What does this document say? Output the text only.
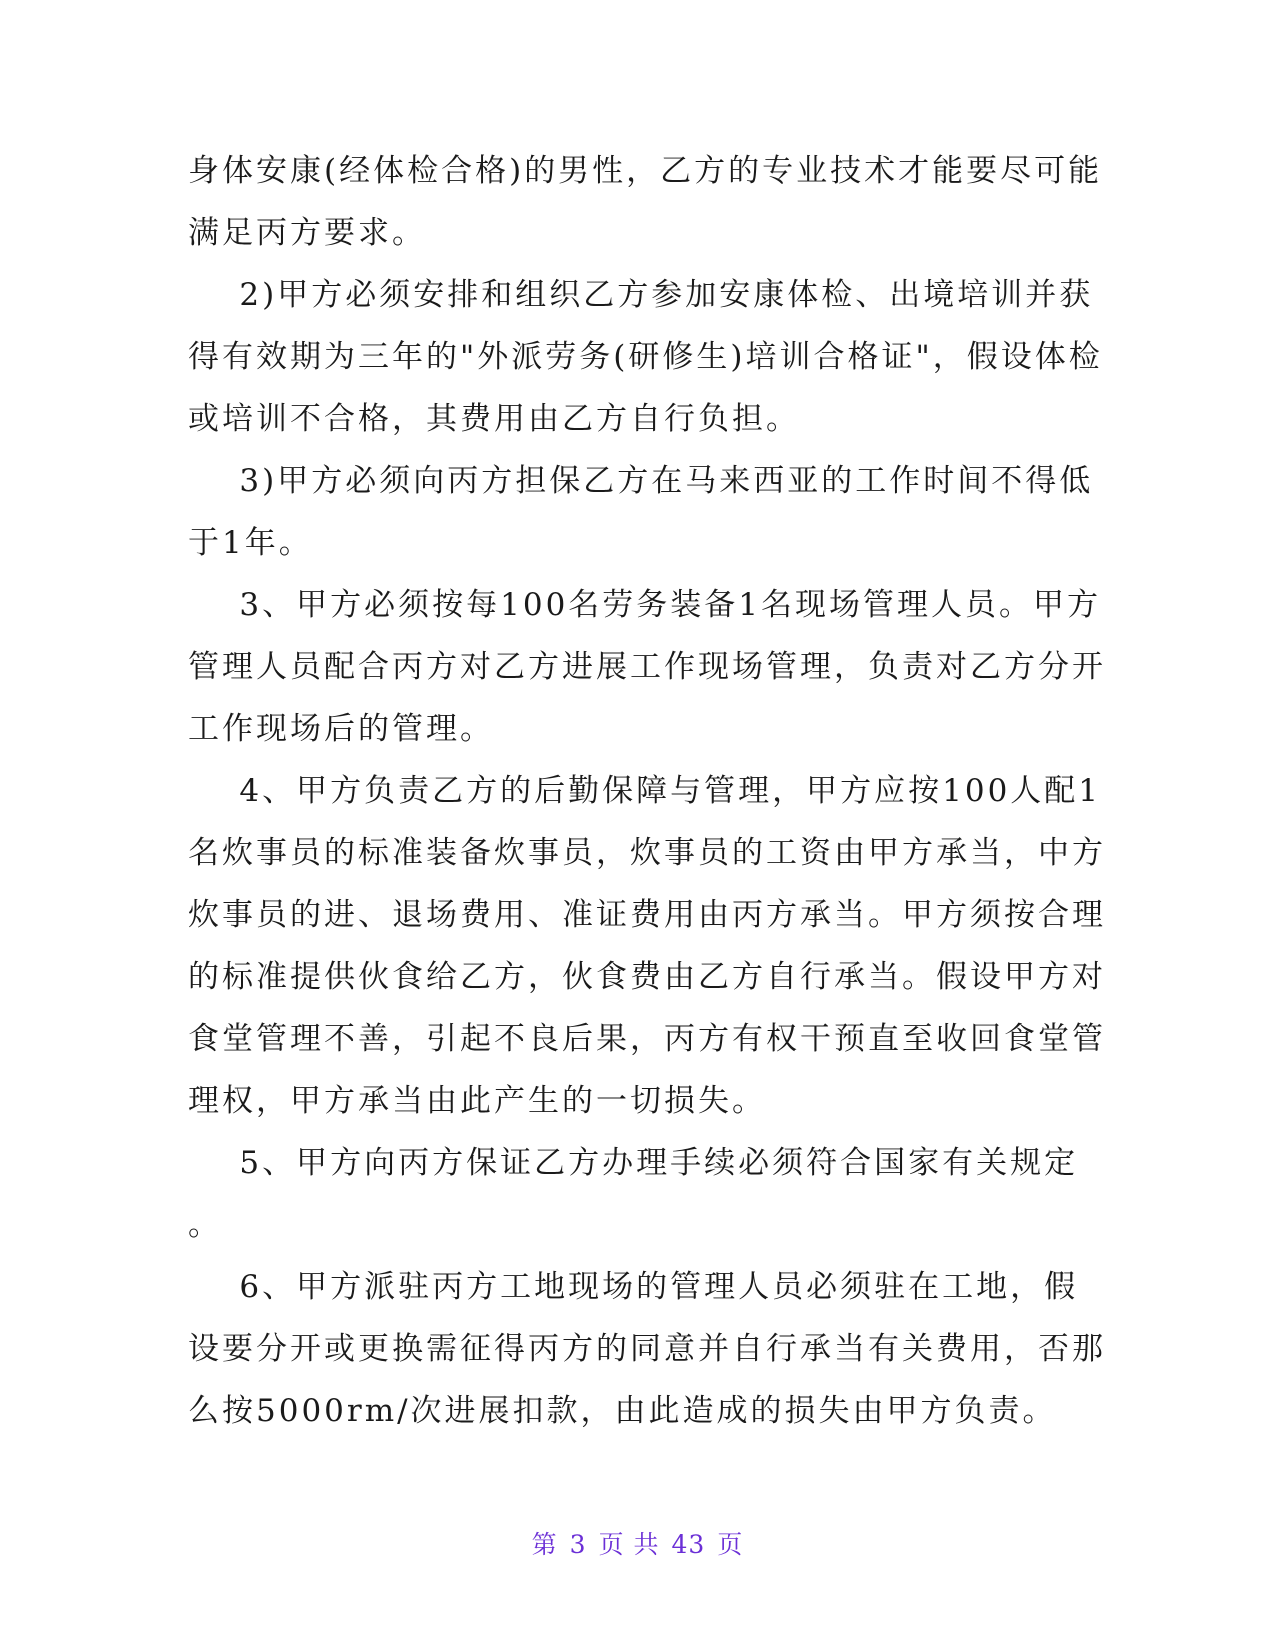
身体安康(经体检合格)的男性，乙方的专业技术才能要尽可能
满足丙方要求。
2)甲方必须安排和组织乙方参加安康体检、出境培训并获
得有效期为三年的"外派劳务(研修生)培训合格证"，假设体检
或培训不合格，其费用由乙方自行负担。
3)甲方必须向丙方担保乙方在马来西亚的工作时间不得低
于1年。
3、甲方必须按每100名劳务装备1名现场管理人员。甲方
管理人员配合丙方对乙方进展工作现场管理，负责对乙方分开
工作现场后的管理。
4、甲方负责乙方的后勤保障与管理，甲方应按100人配1
名炊事员的标准装备炊事员，炊事员的工资由甲方承当，中方
炊事员的进、退场费用、准证费用由丙方承当。甲方须按合理
的标准提供伙食给乙方，伙食费由乙方自行承当。假设甲方对
食堂管理不善，引起不良后果，丙方有权干预直至收回食堂管
理权，甲方承当由此产生的一切损失。
5、甲方向丙方保证乙方办理手续必须符合国家有关规定
。
6、甲方派驻丙方工地现场的管理人员必须驻在工地，假
设要分开或更换需征得丙方的同意并自行承当有关费用，否那
么按5000rm/次进展扣款，由此造成的损失由甲方负责。
第 3 页 共 43 页
